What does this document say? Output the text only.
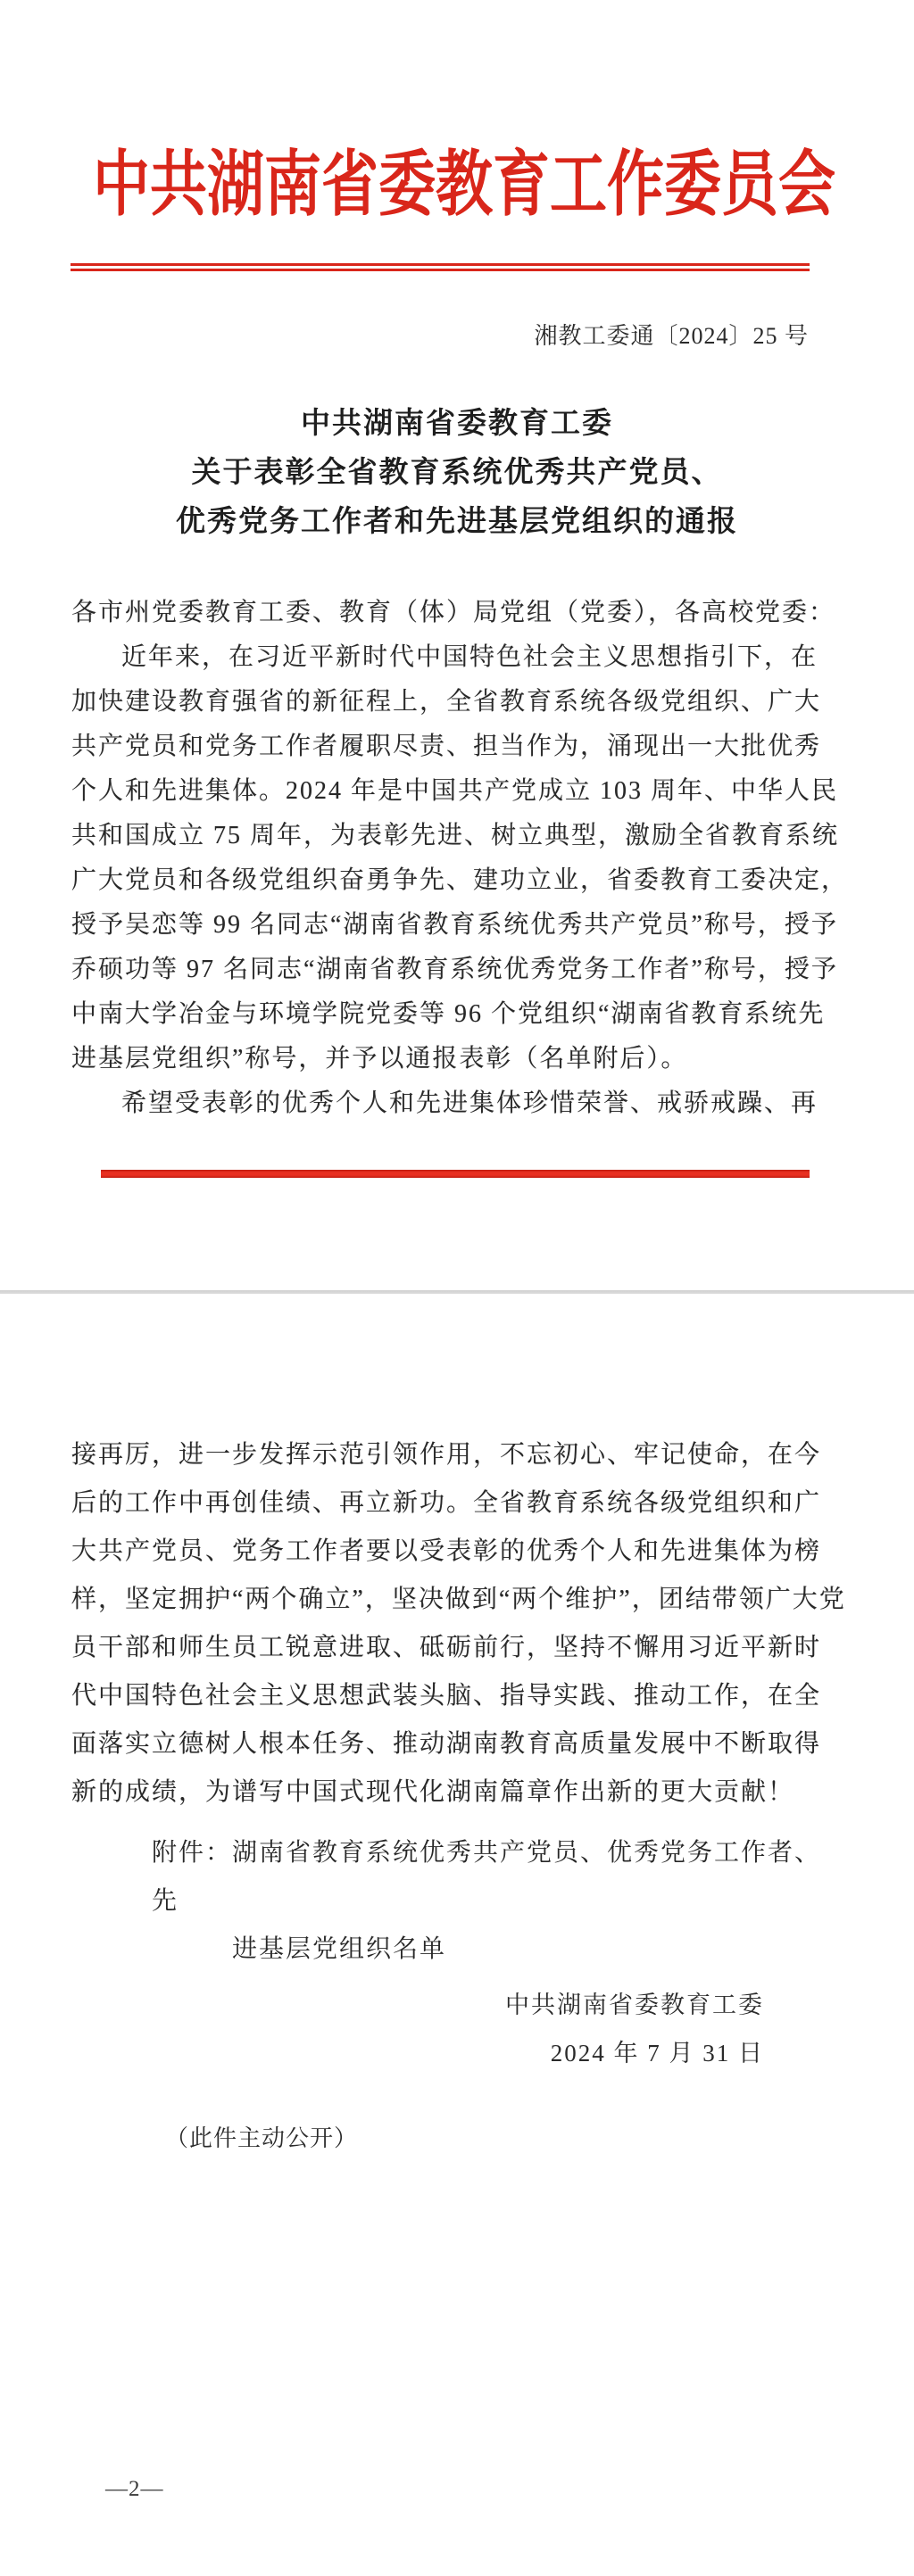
中共湖南省委教育工作委员会
湘教工委通〔2024〕25 号
中共湖南省委教育工委
关于表彰全省教育系统优秀共产党员、
优秀党务工作者和先进基层党组织的通报
各市州党委教育工委、教育（体）局党组（党委），各高校党委：
近年来，在习近平新时代中国特色社会主义思想指引下，在
加快建设教育强省的新征程上，全省教育系统各级党组织、广大
共产党员和党务工作者履职尽责、担当作为，涌现出一大批优秀
个人和先进集体。2024 年是中国共产党成立 103 周年、中华人民
共和国成立 75 周年，为表彰先进、树立典型，激励全省教育系统
广大党员和各级党组织奋勇争先、建功立业，省委教育工委决定，
授予吴恋等 99 名同志“湖南省教育系统优秀共产党员”称号，授予
乔硕功等 97 名同志“湖南省教育系统优秀党务工作者”称号，授予
中南大学冶金与环境学院党委等 96 个党组织“湖南省教育系统先
进基层党组织”称号，并予以通报表彰（名单附后）。
希望受表彰的优秀个人和先进集体珍惜荣誉、戒骄戒躁、再
接再厉，进一步发挥示范引领作用，不忘初心、牢记使命，在今
后的工作中再创佳绩、再立新功。全省教育系统各级党组织和广
大共产党员、党务工作者要以受表彰的优秀个人和先进集体为榜
样，坚定拥护“两个确立”，坚决做到“两个维护”，团结带领广大党
员干部和师生员工锐意进取、砥砺前行，坚持不懈用习近平新时
代中国特色社会主义思想武装头脑、指导实践、推动工作，在全
面落实立德树人根本任务、推动湖南教育高质量发展中不断取得
新的成绩，为谱写中国式现代化湖南篇章作出新的更大贡献！
附件：湖南省教育系统优秀共产党员、优秀党务工作者、先
进基层党组织名单
中共湖南省委教育工委
2024 年 7 月 31 日
（此件主动公开）
—2—
